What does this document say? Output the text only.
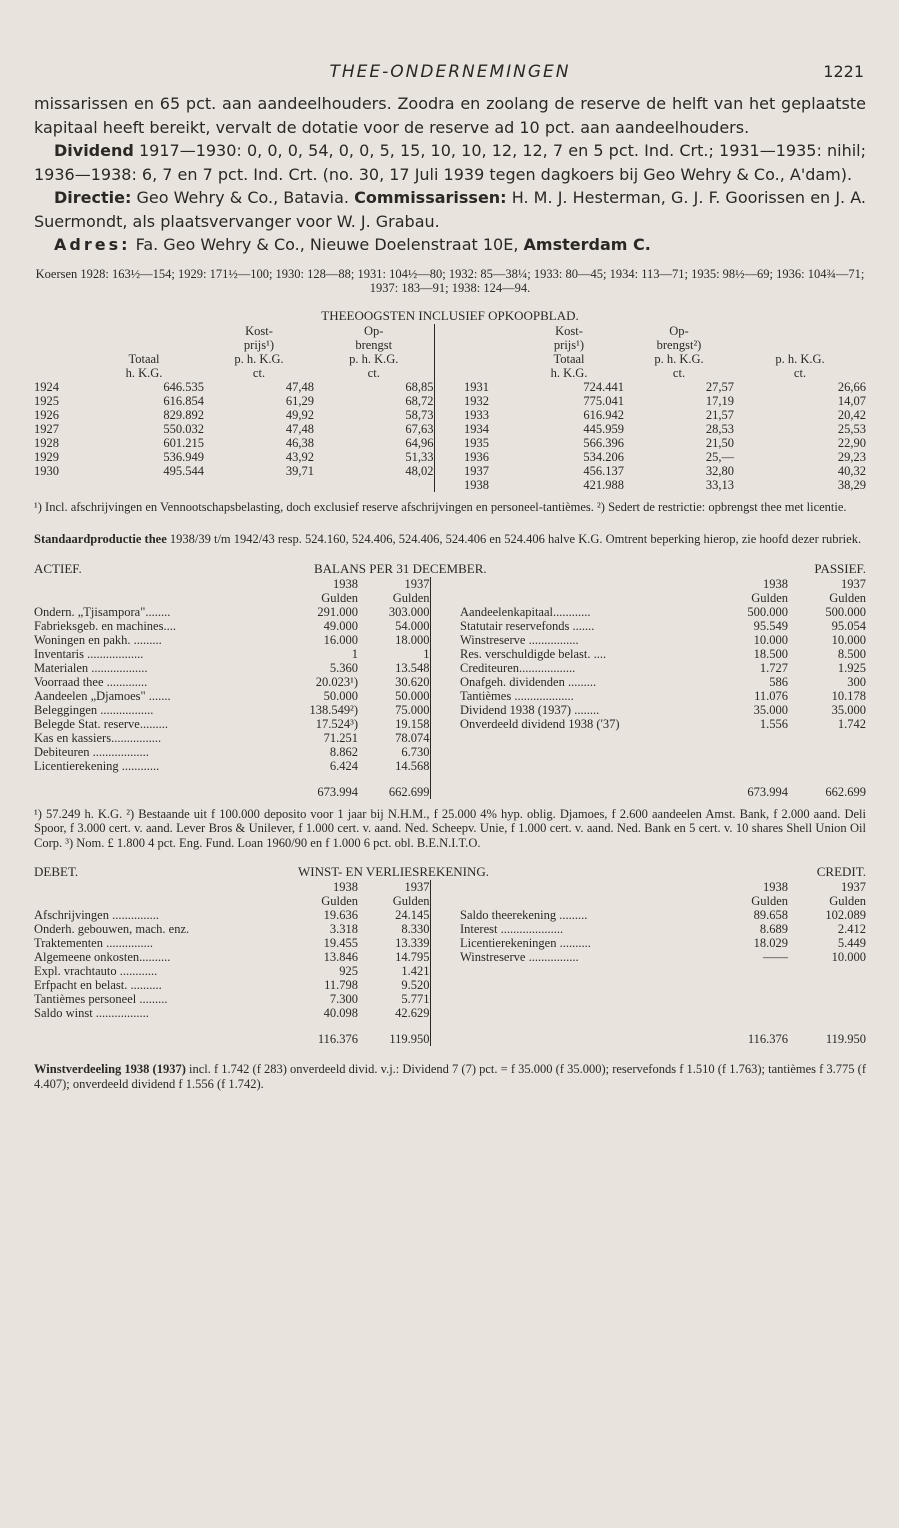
THEE-ONDERNEMINGEN	1221

missarissen en 65 pct. aan aandeelhouders. Zoodra en zoolang de reserve de helft van het geplaatste kapitaal heeft bereikt, vervalt de dotatie voor de reserve ad 10 pct. aan aandeelhouders.

Dividend 1917—1930: 0, 0, 0, 54, 0, 0, 5, 15, 10, 10, 12, 12, 7 en 5 pct. Ind. Crt.; 1931—1935: nihil; 1936—1938: 6, 7 en 7 pct. Ind. Crt. (no. 30, 17 Juli 1939 tegen dagkoers bij Geo Wehry & Co., A'dam).

Directie: Geo Wehry & Co., Batavia. Commissarissen: H. M. J. Hesterman, G. J. F. Goorissen en J. A. Suermondt, als plaatsvervanger voor W. J. Grabau.

Adres: Fa. Geo Wehry & Co., Nieuwe Doelenstraat 10E, Amsterdam C.

Koersen 1928: 163½—154; 1929: 171½—100; 1930: 128—88; 1931: 104½—80; 1932: 85—38¼; 1933: 80—45; 1934: 113—71; 1935: 98½—69; 1936: 104¾—71; 1937: 183—91; 1938: 124—94.
THEEOOGSTEN INCLUSIEF OPKOOPBLAD.
		Kost-	Op-			Kost-	Op-	
		prijs¹)	brengst			prijs¹)	brengst²)	
	Totaal	p. h. K.G.	p. h. K.G.			Totaal	p. h. K.G.	p. h. K.G.
	h. K.G.	ct.	ct.			h. K.G.	ct.	ct.
1924	646.535	47,48	68,85		1931	724.441	27,57	26,66
1925	616.854	61,29	68,72		1932	775.041	17,19	14,07
1926	829.892	49,92	58,73		1933	616.942	21,57	20,42
1927	550.032	47,48	67,63		1934	445.959	28,53	25,53
1928	601.215	46,38	64,96		1935	566.396	21,50	22,90
1929	536.949	43,92	51,33		1936	534.206	25,—	29,23
1930	495.544	39,71	48,02		1937	456.137	32,80	40,32
					1938	421.988	33,13	38,29
¹) Incl. afschrijvingen en Vennootschapsbelasting, doch exclusief reserve afschrijvingen en personeel-tantièmes. ²) Sedert de restrictie: opbrengst thee met licentie.
Standaardproductie thee 1938/39 t/m 1942/43 resp. 524.160, 524.406, 524.406, 524.406 en 524.406 halve K.G. Omtrent beperking hierop, zie hoofd dezer rubriek.
ACTIEF.	BALANS PER 31 DECEMBER.	PASSIEF.
	1938	1937			1938	1937
	Gulden	Gulden			Gulden	Gulden
Ondern. „Tjisampora"........	291.000	303.000		Aandeelenkapitaal............	500.000	500.000
Fabrieksgeb. en machines....	49.000	54.000		Statutair reservefonds .......	95.549	95.054
Woningen en pakh. .........	16.000	18.000		Winstreserve ................	10.000	10.000
Inventaris ..................	1	1		Res. verschuldigde belast. ....	18.500	8.500
Materialen ..................	5.360	13.548		Crediteuren..................	1.727	1.925
Voorraad thee .............	20.023¹)	30.620		Onafgeh. dividenden .........	586	300
Aandeelen „Djamoes" .......	50.000	50.000		Tantièmes ...................	11.076	10.178
Beleggingen .................	138.549²)	75.000		Dividend 1938 (1937) ........	35.000	35.000
Belegde Stat. reserve.........	17.524³)	19.158		Onverdeeld dividend 1938 ('37)	1.556	1.742
Kas en kassiers................	71.251	78.074				
Debiteuren ..................	8.862	6.730				
Licentierekening ............	6.424	14.568				
	673.994	662.699			673.994	662.699
¹) 57.249 h. K.G. ²) Bestaande uit f 100.000 deposito voor 1 jaar bij N.H.M., f 25.000 4% hyp. oblig. Djamoes, f 2.600 aandeelen Amst. Bank, f 2.000 aand. Deli Spoor, f 3.000 cert. v. aand. Lever Bros & Unilever, f 1.000 cert. v. aand. Ned. Scheepv. Unie, f 1.000 cert. v. aand. Ned. Bank en 5 cert. v. 10 shares Shell Union Oil Corp. ³) Nom. £ 1.800 4 pct. Eng. Fund. Loan 1960/90 en f 1.000 6 pct. obl. B.E.N.I.T.O.
DEBET.	WINST- EN VERLIESREKENING.	CREDIT.
	1938	1937			1938	1937
	Gulden	Gulden			Gulden	Gulden
Afschrijvingen ...............	19.636	24.145		Saldo theerekening .........	89.658	102.089
Onderh. gebouwen, mach. enz.	3.318	8.330		Interest ....................	8.689	2.412
Traktementen ...............	19.455	13.339		Licentierekeningen ..........	18.029	5.449
Algemeene onkosten..........	13.846	14.795		Winstreserve ................	——	10.000
Expl. vrachtauto ............	925	1.421				
Erfpacht en belast. ..........	11.798	9.520				
Tantièmes personeel .........	7.300	5.771				
Saldo winst .................	40.098	42.629				
	116.376	119.950			116.376	119.950
Winstverdeeling 1938 (1937) incl. f 1.742 (f 283) onverdeeld divid. v.j.: Dividend 7 (7) pct. = f 35.000 (f 35.000); reservefonds f 1.510 (f 1.763); tantièmes f 3.775 (f 4.407); onverdeeld dividend f 1.556 (f 1.742).
